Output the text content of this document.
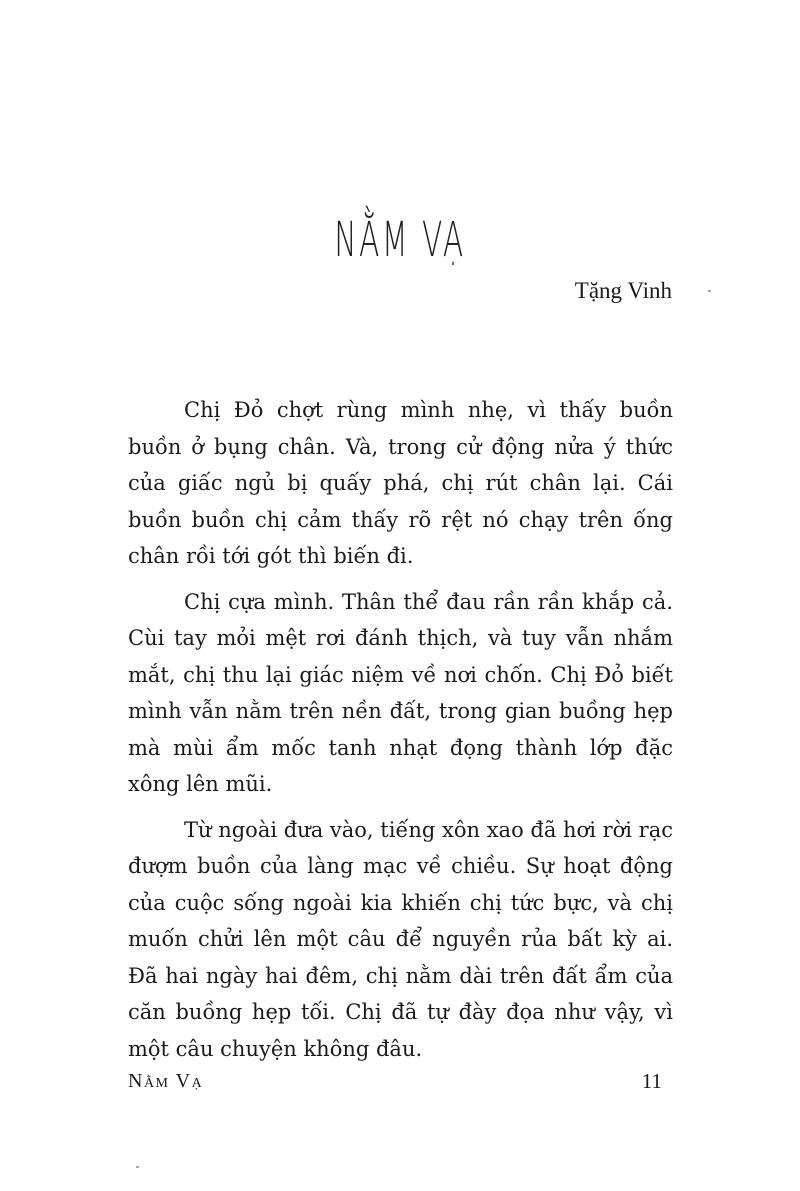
NẰM VẠ

Tặng Vinh

Chị Đỏ chợt rùng mình nhẹ, vì thấy buồn buồn ở bụng chân. Và, trong cử động nửa ý thức của giấc ngủ bị quấy phá, chị rút chân lại. Cái buồn buồn chị cảm thấy rõ rệt nó chạy trên ống chân rồi tới gót thì biến đi.

Chị cựa mình. Thân thể đau rần rần khắp cả. Cùi tay mỏi mệt rơi đánh thịch, và tuy vẫn nhắm mắt, chị thu lại giác niệm về nơi chốn. Chị Đỏ biết mình vẫn nằm trên nền đất, trong gian buồng hẹp mà mùi ẩm mốc tanh nhạt đọng thành lớp đặc xông lên mũi.

Từ ngoài đưa vào, tiếng xôn xao đã hơi rời rạc đượm buồn của làng mạc về chiều. Sự hoạt động của cuộc sống ngoài kia khiến chị tức bực, và chị muốn chửi lên một câu để nguyền rủa bất kỳ ai. Đã hai ngày hai đêm, chị nằm dài trên đất ẩm của căn buồng hẹp tối. Chị đã tự đày đọa như vậy, vì một câu chuyện không đâu.

Nằm Vạ	11
